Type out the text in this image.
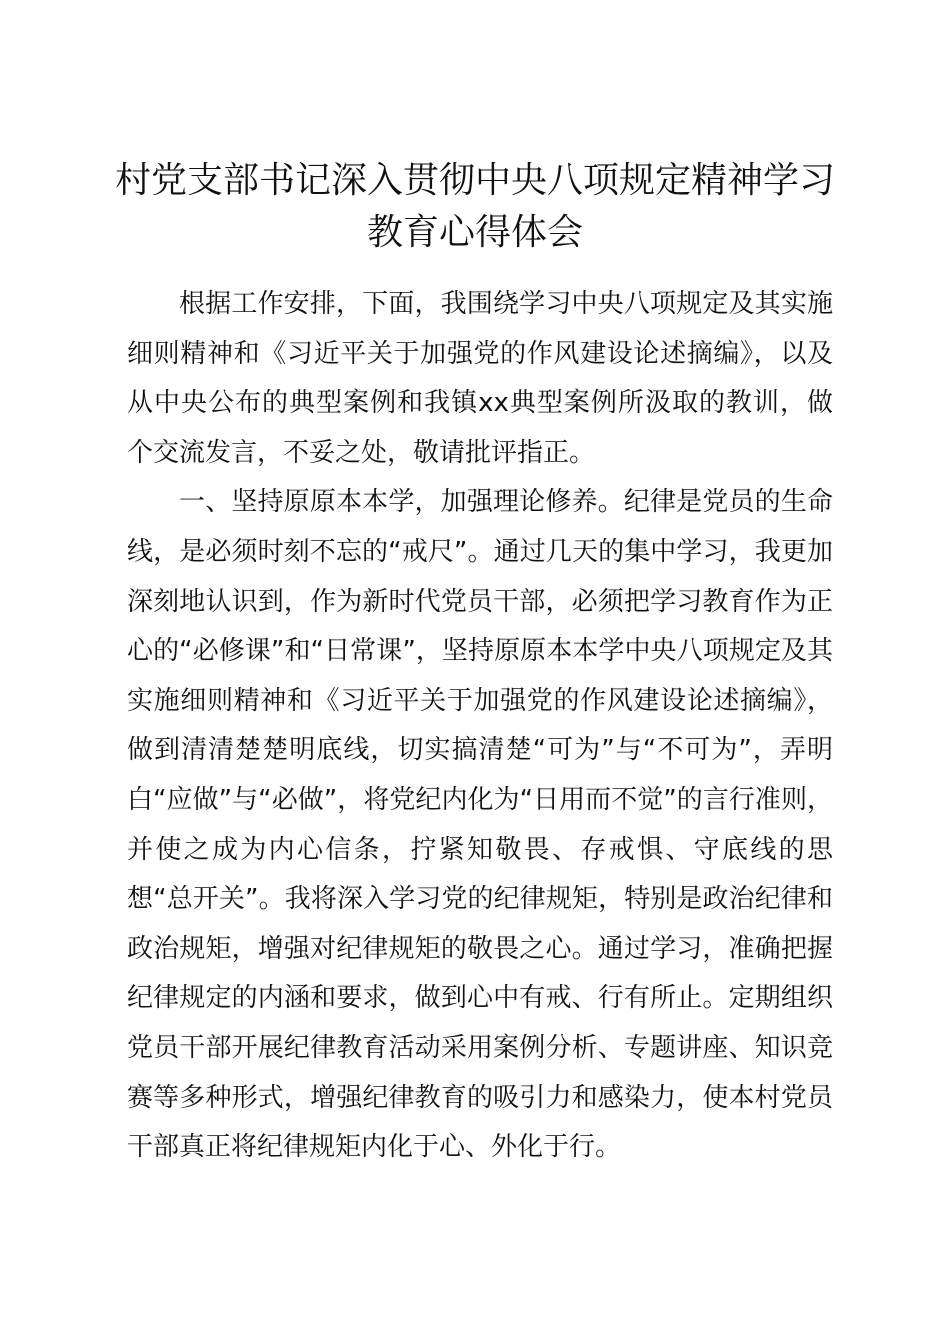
村党支部书记深入贯彻中央八项规定精神学习教育心得体会

根据工作安排，下面，我围绕学习中央八项规定及其实施细则精神和《习近平关于加强党的作风建设论述摘编》，以及从中央公布的典型案例和我镇xx典型案例所汲取的教训，做个交流发言，不妥之处，敬请批评指正。

一、坚持原原本本学，加强理论修养。纪律是党员的生命线，是必须时刻不忘的“戒尺”。通过几天的集中学习，我更加深刻地认识到，作为新时代党员干部，必须把学习教育作为正心的“必修课”和“日常课”，坚持原原本本学中央八项规定及其实施细则精神和《习近平关于加强党的作风建设论述摘编》，做到清清楚楚明底线，切实搞清楚“可为”与“不可为”，弄明白“应做”与“必做”，将党纪内化为“日用而不觉”的言行准则，并使之成为内心信条，拧紧知敬畏、存戒惧、守底线的思想“总开关”。我将深入学习党的纪律规矩，特别是政治纪律和政治规矩，增强对纪律规矩的敬畏之心。通过学习，准确把握纪律规定的内涵和要求，做到心中有戒、行有所止。定期组织党员干部开展纪律教育活动采用案例分析、专题讲座、知识竞赛等多种形式，增强纪律教育的吸引力和感染力，使本村党员干部真正将纪律规矩内化于心、外化于行。
